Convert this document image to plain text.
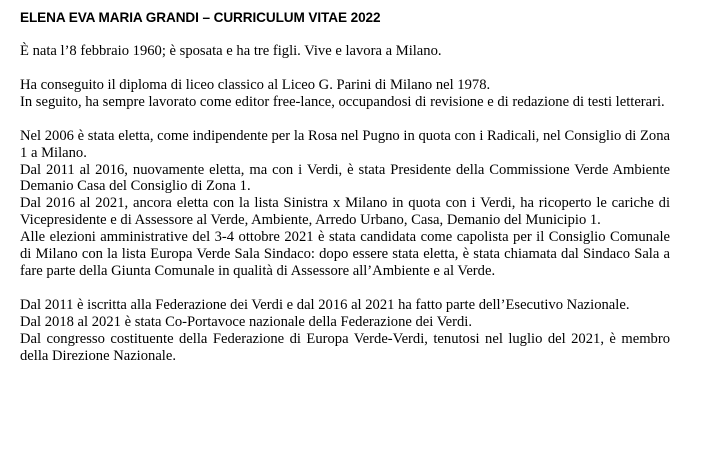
ELENA EVA MARIA GRANDI – CURRICULUM VITAE 2022

È nata l’8 febbraio 1960; è sposata e ha tre figli. Vive e lavora a Milano.

Ha conseguito il diploma di liceo classico al Liceo G. Parini di Milano nel 1978.

In seguito, ha sempre lavorato come editor free-lance, occupandosi di revisione e di redazione di testi letterari.

Nel 2006 è stata eletta, come indipendente per la Rosa nel Pugno in quota con i Radicali, nel Consiglio di Zona 1 a Milano.

Dal 2011 al 2016, nuovamente eletta, ma con i Verdi, è stata Presidente della Commissione Verde Ambiente Demanio Casa del Consiglio di Zona 1.

Dal 2016 al 2021, ancora eletta con la lista Sinistra x Milano in quota con i Verdi, ha ricoperto le cariche di Vicepresidente e di Assessore al Verde, Ambiente, Arredo Urbano, Casa, Demanio del Municipio 1.

Alle elezioni amministrative del 3-4 ottobre 2021 è stata candidata come capolista per il Consiglio Comunale di Milano con la lista Europa Verde Sala Sindaco: dopo essere stata eletta, è stata chiamata dal Sindaco Sala a fare parte della Giunta Comunale in qualità di Assessore all’Ambiente e al Verde.

Dal 2011 è iscritta alla Federazione dei Verdi e dal 2016 al 2021 ha fatto parte dell’Esecutivo Nazionale.

Dal 2018 al 2021 è stata Co-Portavoce nazionale della Federazione dei Verdi.

Dal congresso costituente della Federazione di Europa Verde-Verdi, tenutosi nel luglio del 2021, è membro della Direzione Nazionale.
